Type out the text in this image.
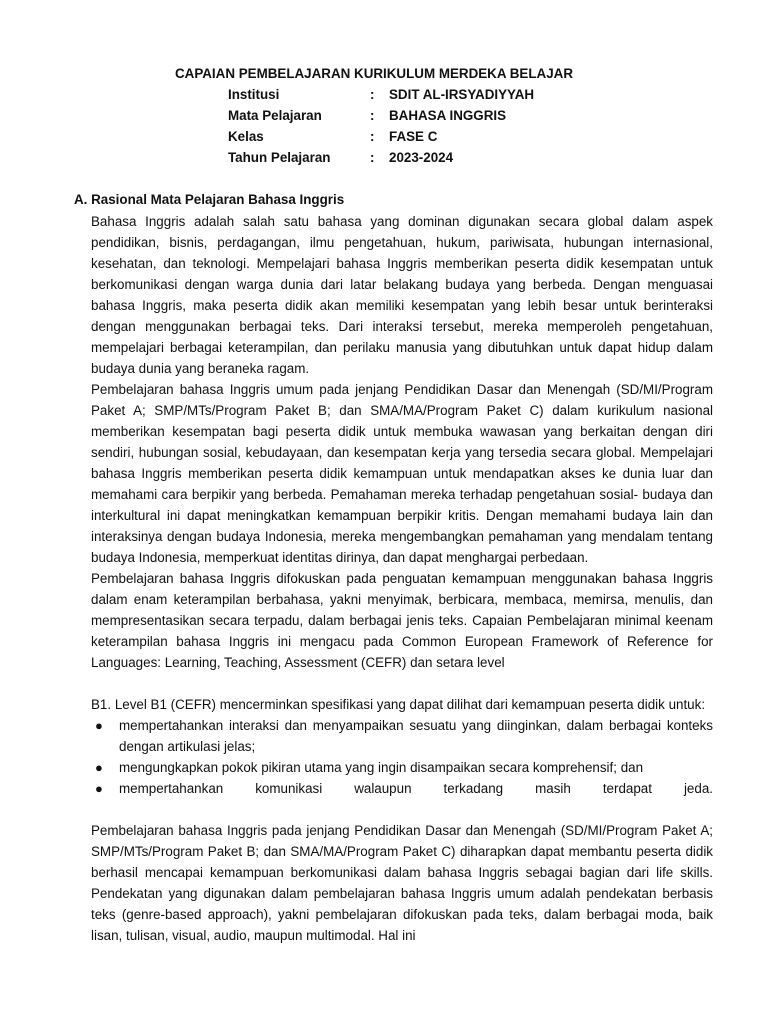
CAPAIAN PEMBELAJARAN KURIKULUM MERDEKA BELAJAR
Institusi	: SDIT AL-IRSYADIYYAH
Mata Pelajaran	: BAHASA INGGRIS
Kelas	: FASE C
Tahun Pelajaran	: 2023-2024
A. Rasional Mata Pelajaran Bahasa Inggris

Bahasa Inggris adalah salah satu bahasa yang dominan digunakan secara global dalam aspek pendidikan, bisnis, perdagangan, ilmu pengetahuan, hukum, pariwisata, hubungan internasional, kesehatan, dan teknologi. Mempelajari bahasa Inggris memberikan peserta didik kesempatan untuk berkomunikasi dengan warga dunia dari latar belakang budaya yang berbeda. Dengan menguasai bahasa Inggris, maka peserta didik akan memiliki kesempatan yang lebih besar untuk berinteraksi dengan menggunakan berbagai teks. Dari interaksi tersebut, mereka memperoleh pengetahuan, mempelajari berbagai keterampilan, dan perilaku manusia yang dibutuhkan untuk dapat hidup dalam budaya dunia yang beraneka ragam.

Pembelajaran bahasa Inggris umum pada jenjang Pendidikan Dasar dan Menengah (SD/MI/Program Paket A; SMP/MTs/Program Paket B; dan SMA/MA/Program Paket C) dalam kurikulum nasional memberikan kesempatan bagi peserta didik untuk membuka wawasan yang berkaitan dengan diri sendiri, hubungan sosial, kebudayaan, dan kesempatan kerja yang tersedia secara global. Mempelajari bahasa Inggris memberikan peserta didik kemampuan untuk mendapatkan akses ke dunia luar dan memahami cara berpikir yang berbeda. Pemahaman mereka terhadap pengetahuan sosial- budaya dan interkultural ini dapat meningkatkan kemampuan berpikir kritis. Dengan memahami budaya lain dan interaksinya dengan budaya Indonesia, mereka mengembangkan pemahaman yang mendalam tentang budaya Indonesia, memperkuat identitas dirinya, dan dapat menghargai perbedaan.

Pembelajaran bahasa Inggris difokuskan pada penguatan kemampuan menggunakan bahasa Inggris dalam enam keterampilan berbahasa, yakni menyimak, berbicara, membaca, memirsa, menulis, dan mempresentasikan secara terpadu, dalam berbagai jenis teks. Capaian Pembelajaran minimal keenam keterampilan bahasa Inggris ini mengacu pada Common European Framework of Reference for Languages: Learning, Teaching, Assessment (CEFR) dan setara level

B1. Level B1 (CEFR) mencerminkan spesifikasi yang dapat dilihat dari kemampuan peserta didik untuk:

● mempertahankan interaksi dan menyampaikan sesuatu yang diinginkan, dalam berbagai konteks dengan artikulasi jelas;
● mengungkapkan pokok pikiran utama yang ingin disampaikan secara komprehensif; dan
● mempertahankan komunikasi walaupun terkadang masih terdapat jeda.

Pembelajaran bahasa Inggris pada jenjang Pendidikan Dasar dan Menengah (SD/MI/Program Paket A; SMP/MTs/Program Paket B; dan SMA/MA/Program Paket C) diharapkan dapat membantu peserta didik berhasil mencapai kemampuan berkomunikasi dalam bahasa Inggris sebagai bagian dari life skills. Pendekatan yang digunakan dalam pembelajaran bahasa Inggris umum adalah pendekatan berbasis teks (genre-based approach), yakni pembelajaran difokuskan pada teks, dalam berbagai moda, baik lisan, tulisan, visual, audio, maupun multimodal. Hal ini
